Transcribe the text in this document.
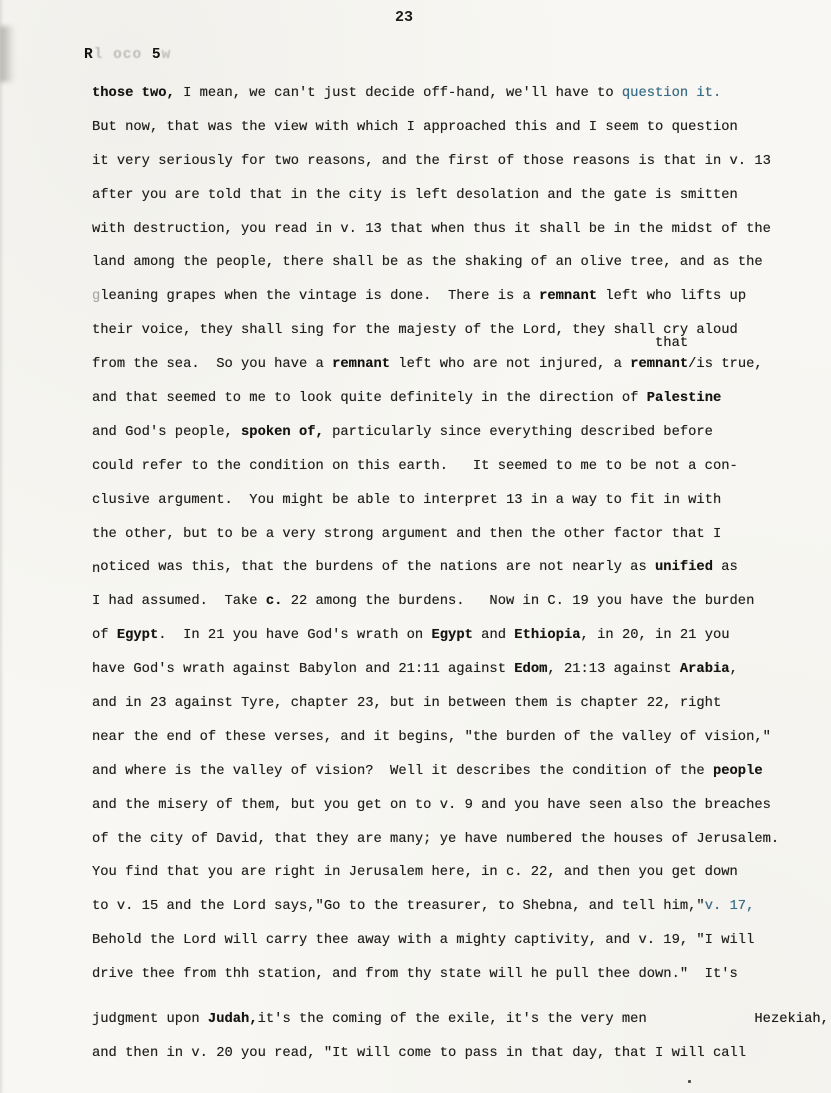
23
Rl oco 5w
those two, I mean, we can't just decide off-hand, we'll have to question it.
But now, that was the view with which I approached this and I seem to question
it very seriously for two reasons, and the first of those reasons is that in v. 13
after you are told that in the city is left desolation and the gate is smitten
with destruction, you read in v. 13 that when thus it shall be in the midst of the
land among the people, there shall be as the shaking of an olive tree, and as the
gleaning grapes when the vintage is done.  There is a remnant left who lifts up
their voice, they shall sing for the majesty of the Lord, they shall cry aloud
from the sea.  So you have a remnant left who are not injured, a remnant/is true,
that
and that seemed to me to look quite definitely in the direction of Palestine
and God's people, spoken of, particularly since everything described before
could refer to the condition on this earth.   It seemed to me to be not a con-
clusive argument.  You might be able to interpret 13 in a way to fit in with
the other, but to be a very strong argument and then the other factor that I
noticed was this, that the burdens of the nations are not nearly as unified as
I had assumed.  Take c. 22 among the burdens.   Now in C. 19 you have the burden
of Egypt.  In 21 you have God's wrath on Egypt and Ethiopia, in 20, in 21 you
have God's wrath against Babylon and 21:11 against Edom, 21:13 against Arabia,
and in 23 against Tyre, chapter 23, but in between them is chapter 22, right
near the end of these verses, and it begins, "the burden of the valley of vision,"
and where is the valley of vision?  Well it describes the condition of the people
and the misery of them, but you get on to v. 9 and you have seen also the breaches
of the city of David, that they are many; ye have numbered the houses of Jerusalem.
You find that you are right in Jerusalem here, in c. 22, and then you get down
to v. 15 and the Lord says,"Go to the treasurer, to Shebna, and tell him,"v. 17,
Behold the Lord will carry thee away with a mighty captivity, and v. 19, "I will
drive thee from thh station, and from thy state will he pull thee down."  It's
judgment upon Judah,it's the coming of the exile, it's the very men	Hezekiah,
and then in v. 20 you read, "It will come to pass in that day, that I will call
